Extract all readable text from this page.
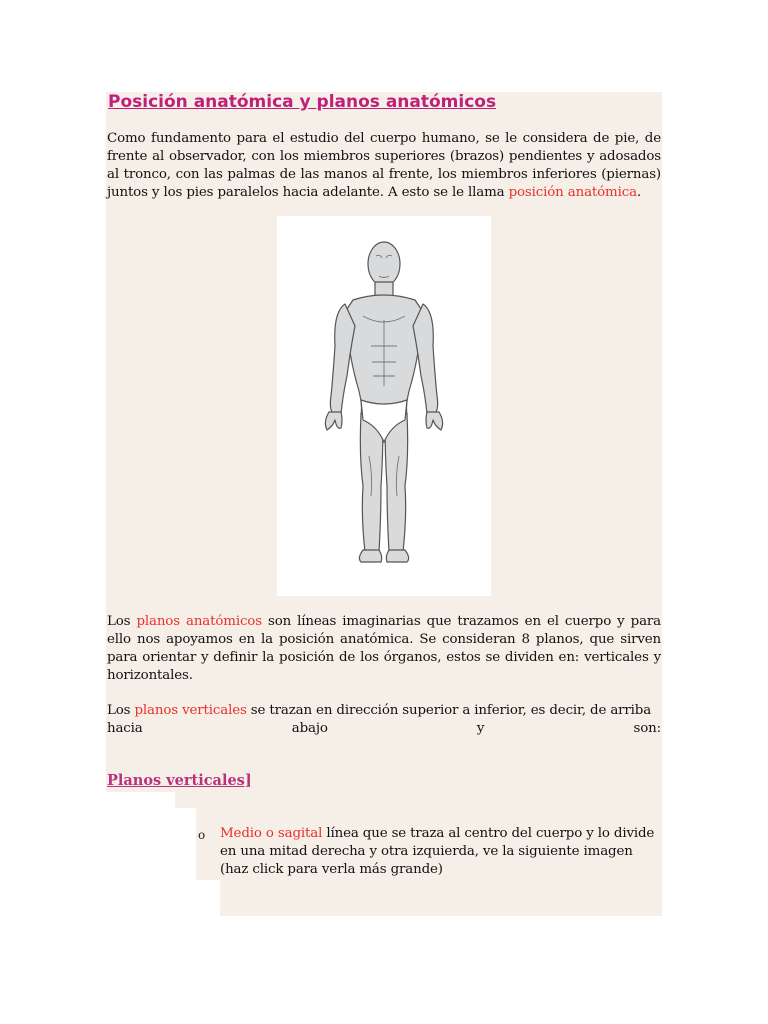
Posición anatómica y planos anatómicos

Como fundamento para el estudio del cuerpo humano, se le considera de pie, de frente al observador, con los miembros superiores (brazos) pendientes y adosados al tronco, con las palmas de las manos al frente, los miembros inferiores (piernas) juntos y los pies paralelos hacia adelante. A esto se le llama posición anatómica.

Los planos anatómicos son líneas imaginarias que trazamos en el cuerpo y para ello nos apoyamos en la posición anatómica. Se consideran 8 planos, que sirven para orientar y definir la posición de los órganos, estos se dividen en: verticales y horizontales.

Los planos verticales se trazan en dirección superior a inferior, es decir, de arriba
hacia	abajo	y	son:
Planos verticales]
o Medio o sagital línea que se traza al centro del cuerpo y lo divide en una mitad derecha y otra izquierda, ve la siguiente imagen (haz click para verla más grande)
